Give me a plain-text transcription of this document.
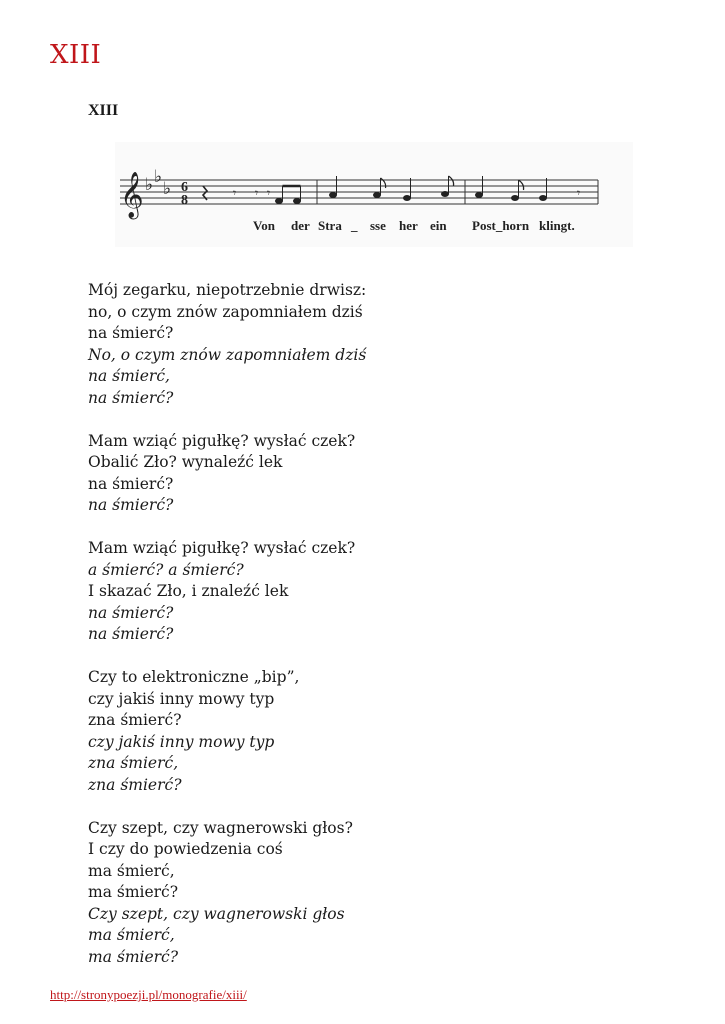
XIII
XIII
𝄞 ♭ ♭
♭ 6
8	𝄾 𝄾 𝄾	𝄾
Von der Stra _ sse her ein Post_horn klingt.
Mój zegarku, niepotrzebnie drwisz:
no, o czym znów zapomniałem dziś
na śmierć?
No, o czym znów zapomniałem dziś
na śmierć,
na śmierć?
Mam wziąć pigułkę? wysłać czek?
Obalić Zło? wynaleźć lek
na śmierć?
na śmierć?
Mam wziąć pigułkę? wysłać czek?
a śmierć? a śmierć?
I skazać Zło, i znaleźć lek
na śmierć?
na śmierć?
Czy to elektroniczne „bip”,
czy jakiś inny mowy typ
zna śmierć?
czy jakiś inny mowy typ
zna śmierć,
zna śmierć?
Czy szept, czy wagnerowski głos?
I czy do powiedzenia coś
ma śmierć,
ma śmierć?
Czy szept, czy wagnerowski głos
ma śmierć,
ma śmierć?
http://stronypoezji.pl/monografie/xiii/
